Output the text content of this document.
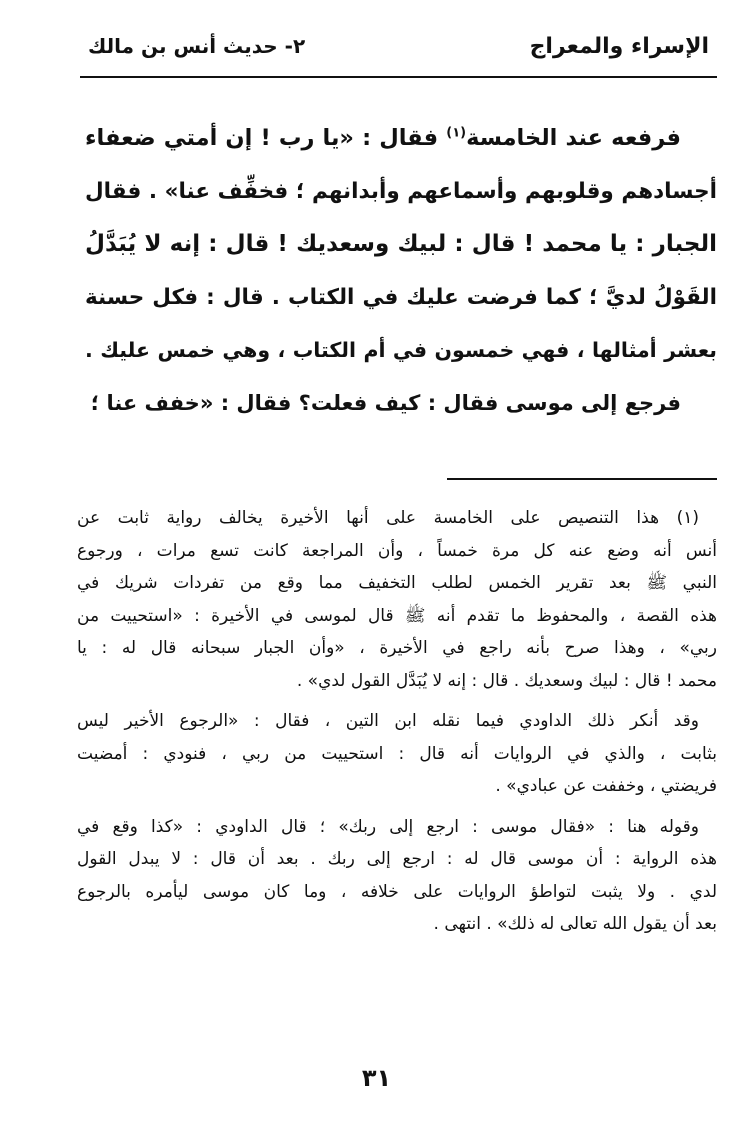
الإسراء والمعراج
٢- حديث أنس بن مالك
فرفعه عند الخامسة$^{(١)}$ فقال : «يا رب ! إن أمتي ضعفاء
أجسادهم وقلوبهم وأسماعهم وأبدانهم ؛ فخفِّف عنا» . فقال
الجبار : يا محمد ! قال : لبيك وسعديك ! قال : إنه لا يُبَدَّلُ
القَوْلُ لديَّ ؛ كما فرضت عليك في الكتاب . قال : فكل حسنة
بعشر أمثالها ، فهي خمسون في أم الكتاب ، وهي خمس عليك .
فرجع إلى موسى فقال : كيف فعلت؟ فقال : «خفف عنا ؛
(١) هذا التنصيص على الخامسة على أنها الأخيرة يخالف رواية ثابت عن
أنس أنه وضع عنه كل مرة خمساً ، وأن المراجعة كانت تسع مرات ، ورجوع
النبي ﷺ بعد تقرير الخمس لطلب التخفيف مما وقع من تفردات شريك في
هذه القصة ، والمحفوظ ما تقدم أنه ﷺ قال لموسى في الأخيرة : «استحييت من
ربي» ، وهذا صرح بأنه راجع في الأخيرة ، «وأن الجبار سبحانه قال له : يا
محمد ! قال : لبيك وسعديك . قال : إنه لا يُبَدَّل القول لدي» .
وقد أنكر ذلك الداودي فيما نقله ابن التين ، فقال : «الرجوع الأخير ليس
بثابت ، والذي في الروايات أنه قال : استحييت من ربي ، فنودي : أمضيت
فريضتي ، وخففت عن عبادي» .
وقوله هنا : «فقال موسى : ارجع إلى ربك» ؛ قال الداودي : «كذا وقع في
هذه الرواية : أن موسى قال له : ارجع إلى ربك . بعد أن قال : لا يبدل القول
لدي . ولا يثبت لتواطؤ الروايات على خلافه ، وما كان موسى ليأمره بالرجوع
بعد أن يقول الله تعالى له ذلك» . انتهى .
٣١
